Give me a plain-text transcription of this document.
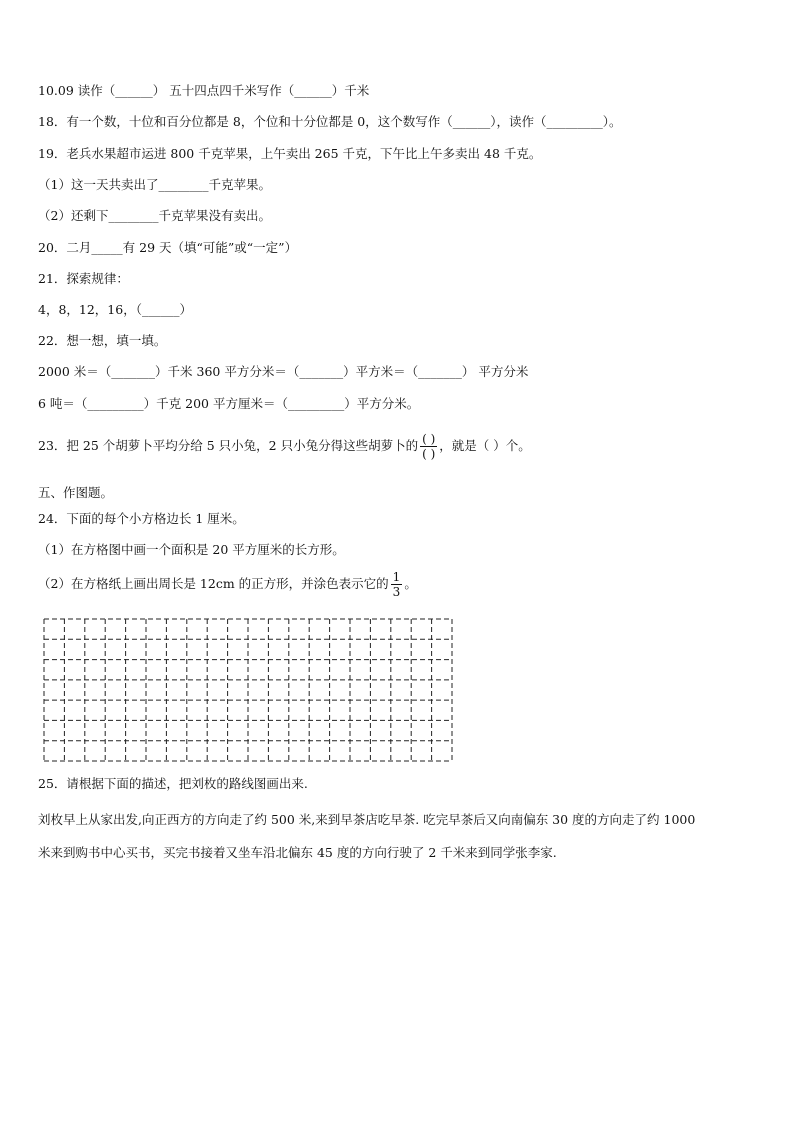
10.09 读作（______） 五十四点四千米写作（______）千米
18．有一个数，十位和百分位都是 8，个位和十分位都是 0，这个数写作（______），读作（_________）。
19．老兵水果超市运进 800 千克苹果，上午卖出 265 千克，下午比上午多卖出 48 千克。
（1）这一天共卖出了________千克苹果。
（2）还剩下________千克苹果没有卖出。
20．二月_____有 29 天（填“可能”或“一定”）
21．探索规律：
4，8，12，16，（______）
22．想一想，填一填。
2000 米＝（_______）千米 360 平方分米＝（_______）平方米＝（_______） 平方分米
6 吨＝（_________）千克 200 平方厘米＝（_________）平方分米。
23．把 25 个胡萝卜平均分给 5 只小兔，2 只小兔分得这些胡萝卜的 $\frac{( )}{( )}$ ，就是（ ）个。
五、作图题。
24．下面的每个小方格边长 1 厘米。
（1）在方格图中画一个面积是 20 平方厘米的长方形。
（2）在方格纸上画出周长是 12cm 的正方形，并涂色表示它的 $\frac{1}{3}$ 。
25．请根据下面的描述，把刘枚的路线图画出来.
刘枚早上从家出发,向正西方的方向走了约 500 米,来到早茶店吃早茶. 吃完早茶后又向南偏东 30 度的方向走了约 1000
米来到购书中心买书，买完书接着又坐车沿北偏东 45 度的方向行驶了 2 千米来到同学张李家.
